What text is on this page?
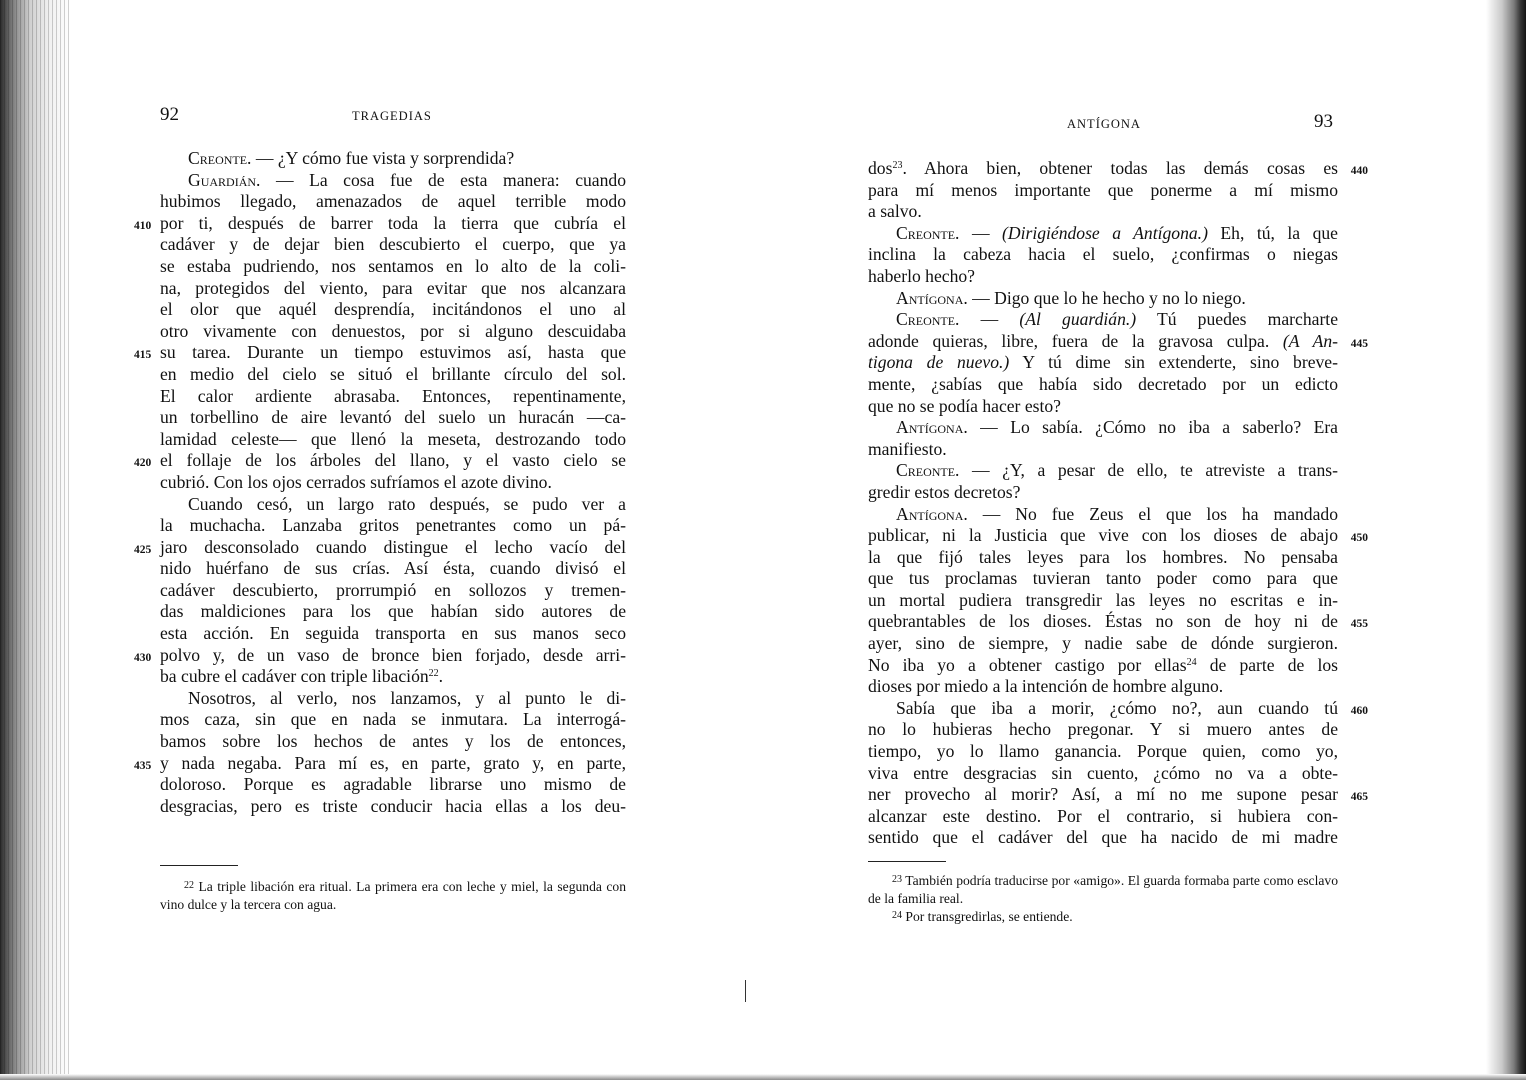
92	TRAGEDIAS
Creonte. — ¿Y cómo fue vista y sorprendida?
Guardián. — La cosa fue de esta manera: cuando
hubimos llegado, amenazados de aquel terrible modo
410 por ti, después de barrer toda la tierra que cubría el
cadáver y de dejar bien descubierto el cuerpo, que ya
se estaba pudriendo, nos sentamos en lo alto de la coli-
na, protegidos del viento, para evitar que nos alcanzara
el olor que aquél desprendía, incitándonos el uno al
otro vivamente con denuestos, por si alguno descuidaba
415 su tarea. Durante un tiempo estuvimos así, hasta que
en medio del cielo se situó el brillante círculo del sol.
El calor ardiente abrasaba. Entonces, repentinamente,
un torbellino de aire levantó del suelo un huracán —ca-
lamidad celeste— que llenó la meseta, destrozando todo
420 el follaje de los árboles del llano, y el vasto cielo se
cubrió. Con los ojos cerrados sufríamos el azote divino.
Cuando cesó, un largo rato después, se pudo ver a
la muchacha. Lanzaba gritos penetrantes como un pá-
425 jaro desconsolado cuando distingue el lecho vacío del
nido huérfano de sus crías. Así ésta, cuando divisó el
cadáver descubierto, prorrumpió en sollozos y tremen-
das maldiciones para los que habían sido autores de
esta acción. En seguida transporta en sus manos seco
430 polvo y, de un vaso de bronce bien forjado, desde arri-
ba cubre el cadáver con triple libación$^{22}$.
Nosotros, al verlo, nos lanzamos, y al punto le di-
mos caza, sin que en nada se inmutara. La interrogá-
bamos sobre los hechos de antes y los de entonces,
435 y nada negaba. Para mí es, en parte, grato y, en parte,
doloroso. Porque es agradable librarse uno mismo de
desgracias, pero es triste conducir hacia ellas a los deu-
$^{22}$ La triple libación era ritual. La primera era con leche y miel, la segunda con vino dulce y la tercera con agua.
ANTÍGONA	93
440
dos$^{23}$. Ahora bien, obtener todas las demás cosas es
para mí menos importante que ponerme a mí mismo
a salvo.
Creonte. — (Dirigiéndose a Antígona.) Eh, tú, la que
inclina la cabeza hacia el suelo, ¿confirmas o niegas
haberlo hecho?
Antígona. — Digo que lo he hecho y no lo niego.
Creonte. — (Al guardián.) Tú puedes marcharte
445
adonde quieras, libre, fuera de la gravosa culpa. (A An-
tigona de nuevo.) Y tú dime sin extenderte, sino breve-
mente, ¿sabías que había sido decretado por un edicto
que no se podía hacer esto?
Antígona. — Lo sabía. ¿Cómo no iba a saberlo? Era
manifiesto.
Creonte. — ¿Y, a pesar de ello, te atreviste a trans-
gredir estos decretos?
Antígona. — No fue Zeus el que los ha mandado
450
publicar, ni la Justicia que vive con los dioses de abajo
la que fijó tales leyes para los hombres. No pensaba
que tus proclamas tuvieran tanto poder como para que
un mortal pudiera transgredir las leyes no escritas e in-
455
quebrantables de los dioses. Éstas no son de hoy ni de
ayer, sino de siempre, y nadie sabe de dónde surgieron.
No iba yo a obtener castigo por ellas$^{24}$ de parte de los
dioses por miedo a la intención de hombre alguno.
460
Sabía que iba a morir, ¿cómo no?, aun cuando tú
no lo hubieras hecho pregonar. Y si muero antes de
tiempo, yo lo llamo ganancia. Porque quien, como yo,
viva entre desgracias sin cuento, ¿cómo no va a obte-
465
ner provecho al morir? Así, a mí no me supone pesar
alcanzar este destino. Por el contrario, si hubiera con-
sentido que el cadáver del que ha nacido de mi madre
$^{23}$ También podría traducirse por «amigo». El guarda formaba parte como esclavo de la familia real.
$^{24}$ Por transgredirlas, se entiende.
